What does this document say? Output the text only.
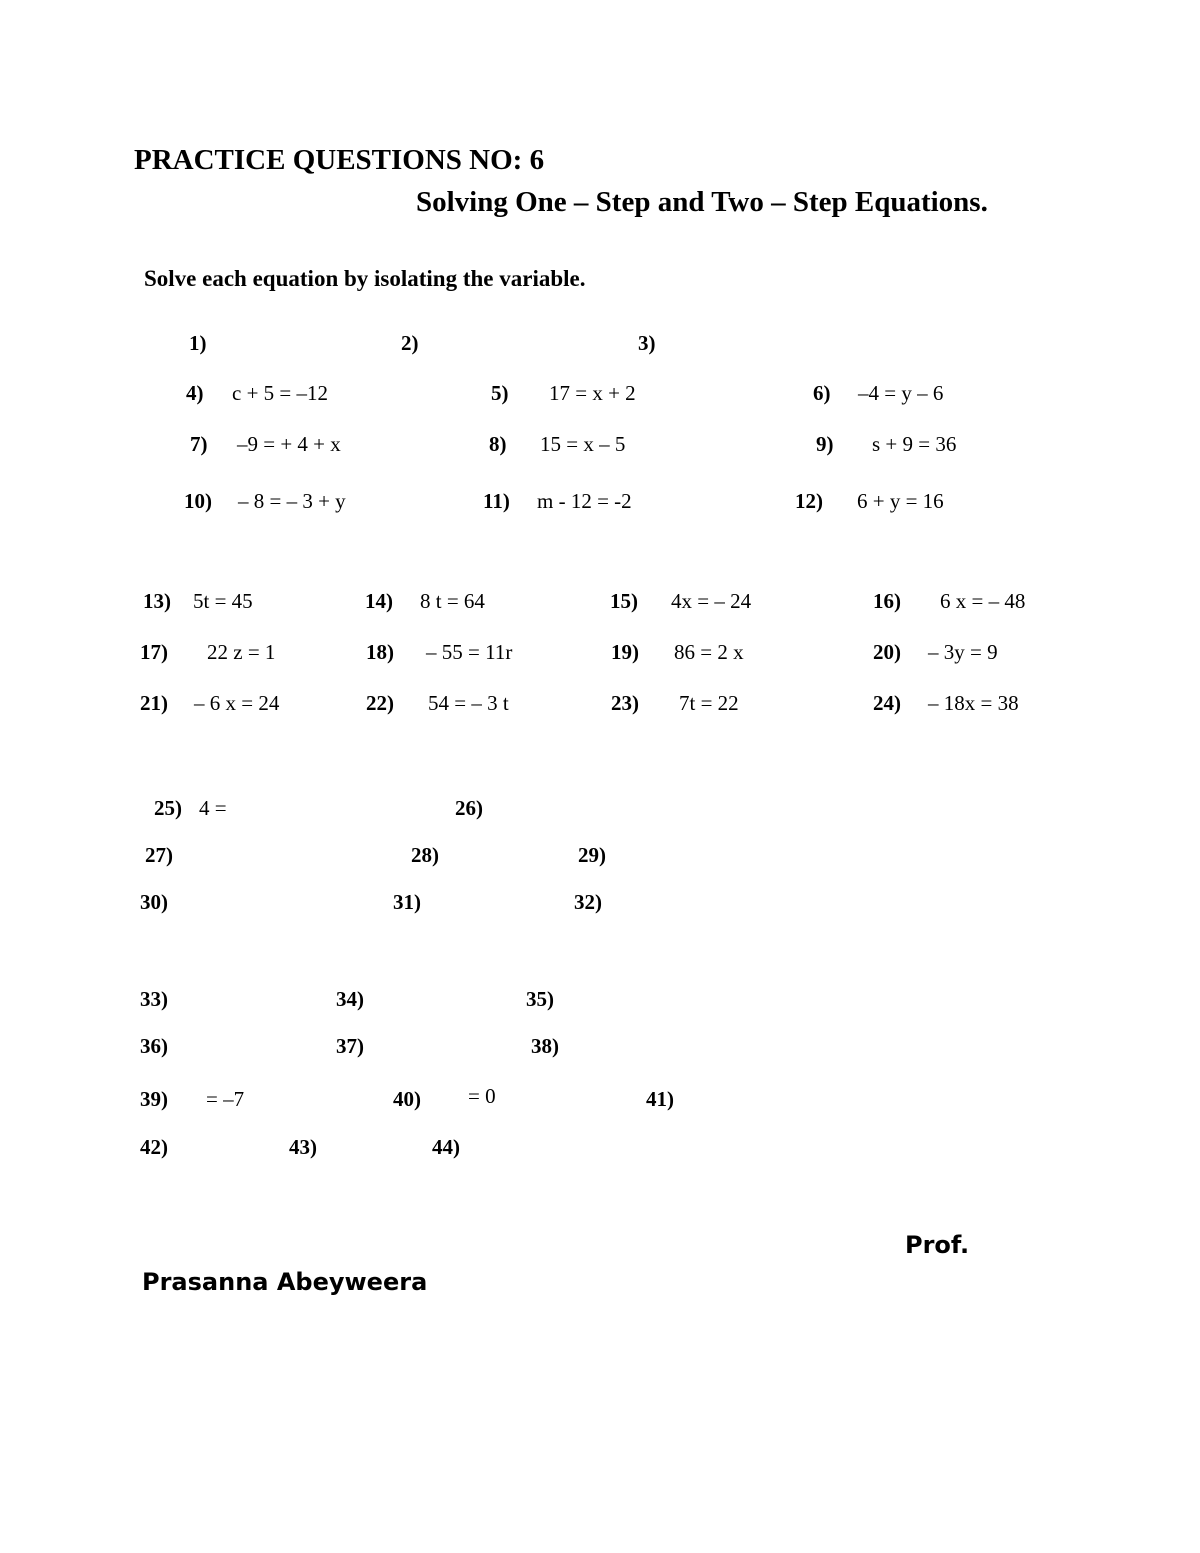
PRACTICE QUESTIONS NO: 6
Solving One – Step and Two – Step Equations.
Solve each equation by isolating the variable.
1)	2)	3)
4) c + 5 = –12	5) 17 = x + 2	6) –4 = y – 6
7) –9 = + 4 + x	8) 15 = x – 5	9) s + 9 = 36
10) – 8 = – 3 + y	11) m - 12 = -2	12) 6 + y = 16
13) 5t = 45	14) 8 t = 64	15) 4x = – 24	16) 6 x = – 48
17) 22 z = 1	18) – 55 = 11r	19) 86 = 2 x	20) – 3y = 9
21) – 6 x = 24	22) 54 = – 3 t	23) 7t = 22	24) – 18x = 38
25) 4 =	26)
27)	28)	29)
30)	31)	32)
33)	34)	35)
36)	37)	38)
39) = –7	40) = 0	41)
42)	43)	44)
Prof.
Prasanna Abeyweera
